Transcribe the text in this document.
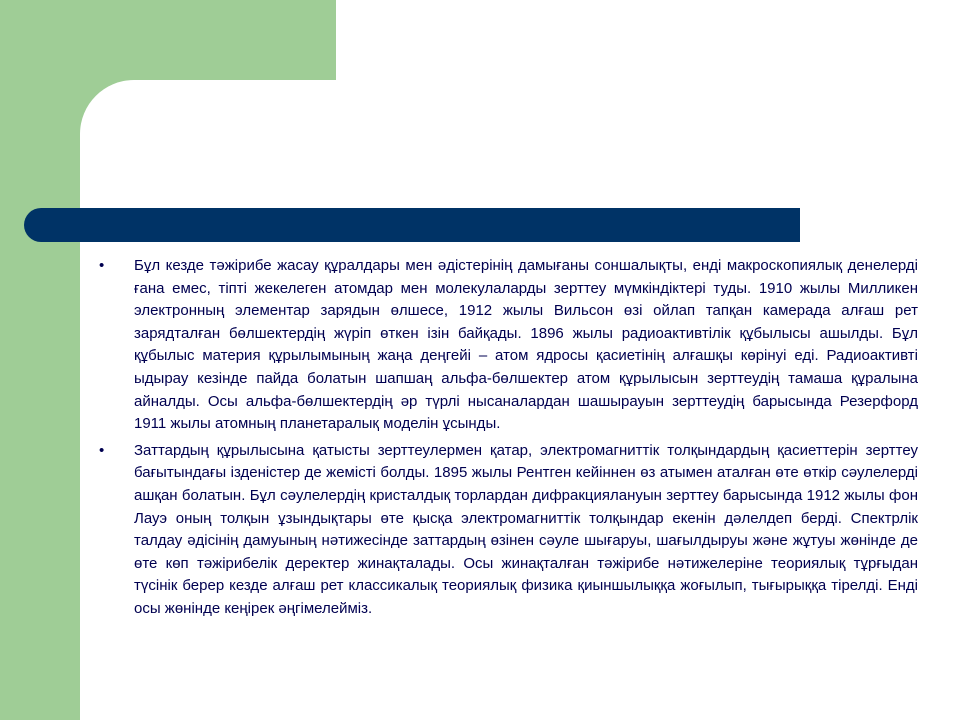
• Бұл кезде тәжірибе жасау құралдары мен әдістерінің дамығаны соншалықты, енді макроскопиялық денелерді ғана емес, тіпті жекелеген атомдар мен молекулаларды зерттеу мүмкіндіктері туды. 1910 жылы Милликен электронның элементар зарядын өлшесе, 1912 жылы Вильсон өзі ойлап тапқан камерада алғаш рет зарядталған бөлшектердің жүріп өткен ізін байқады. 1896 жылы радиоактивтілік құбылысы ашылды. Бұл құбылыс материя құрылымының жаңа деңгейі – атом ядросы қасиетінің алғашқы көрінуі еді. Радиоактивті ыдырау кезінде пайда болатын шапшаң альфа-бөлшектер атом құрылысын зерттеудің тамаша құралына айналды. Осы альфа-бөлшектердің әр түрлі нысаналардан шашырауын зерттеудің барысында Резерфорд 1911 жылы атомның планетаралық моделін ұсынды.
• Заттардың құрылысына қатысты зерттеулермен қатар, электромагниттік толқындардың қасиеттерін зерттеу бағытындағы ізденістер де жемісті болды. 1895 жылы Рентген кейіннен өз атымен аталған өте өткір сәулелерді ашқан болатын. Бұл сәулелердің кристалдық торлардан дифракциялануын зерттеу барысында 1912 жылы фон Лауэ оның толқын ұзындықтары өте қысқа электромагниттік толқындар екенін дәлелдеп берді. Спектрлік талдау әдісінің дамуының нәтижесінде заттардың өзінен сәуле шығаруы, шағылдыруы және жұтуы жөнінде де өте көп тәжірибелік деректер жинақталады. Осы жинақталған тәжірибе нәтижелеріне теориялық тұрғыдан түсінік берер кезде алғаш рет классикалық теориялық физика қиыншылыққа жоғылып, тығырыққа тірелді. Енді осы жөнінде кеңірек әңгімелейміз.
